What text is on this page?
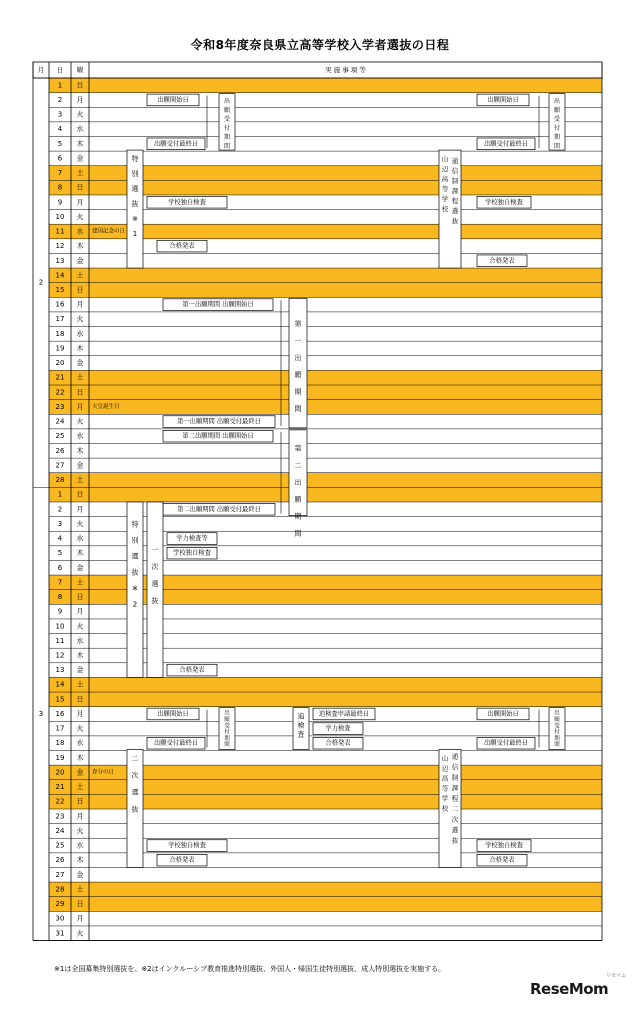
令和8年度奈良県立高等学校入学者選抜の日程
月 日 曜	実 施 事 項 等
2
3
1 日
2 月
3 火
4 水
5 木
6 金
7 土
8 日
9 月
10 火
11 水 建国記念の日
12 木
13 金
14 土
15 日
16 月
17 火
18 水
19 木
20 金
21 土
22 日
23 月 天皇誕生日
24 火
25 水
26 木
27 金
28 土
1 日
2 月
3 火
4 水
5 木
6 金
7 土
8 日
9 月
10 火
11 水
12 木
13 金
14 土
15 日
16 月
17 火
18 水
19 木
20 金 春分の日
21 土
22 日
23 月
24 火
25 水
26 木
27 金
28 土
29 日
30 月
31 火
出願開始日
出願受付最終日
出
願
受
付
期
間
特
別
選
抜
※
1
学校独自検査
合格発表
出願開始日
出願受付最終日
出
願
受
付
期
間
山
辺
高
等
学
校
通
信
制
課
程
選
抜
学校独自検査
合格発表
第一出願期間 出願開始日
第一出願期間 出願受付最終日
第二出願期間 出願開始日
第二出願期間 出願受付最終日
第
一
出
願
期
間
第
二
出
願
期
間
特
別
選
抜
※
2
一
次
選
抜
学力検査等
学校独自検査
合格発表
出願開始日
出願受付最終日
出
願
受
付
期
間
二
次
選
抜
学校独自検査
合格発表
追
検
査
追検査申請最終日
学力検査
合格発表
出願開始日
出願受付最終日
出
願
受
付
期
間
山
辺
高
等
学
校
通
信
制
課
程
二
次
選
抜
学校独自検査
合格発表
※1は全国募集特別選抜を、※2はインクルーシブ教育推進特別選抜、外国人・帰国生徒特別選抜、成人特別選抜を実施する。
ReseMom
リセマム
